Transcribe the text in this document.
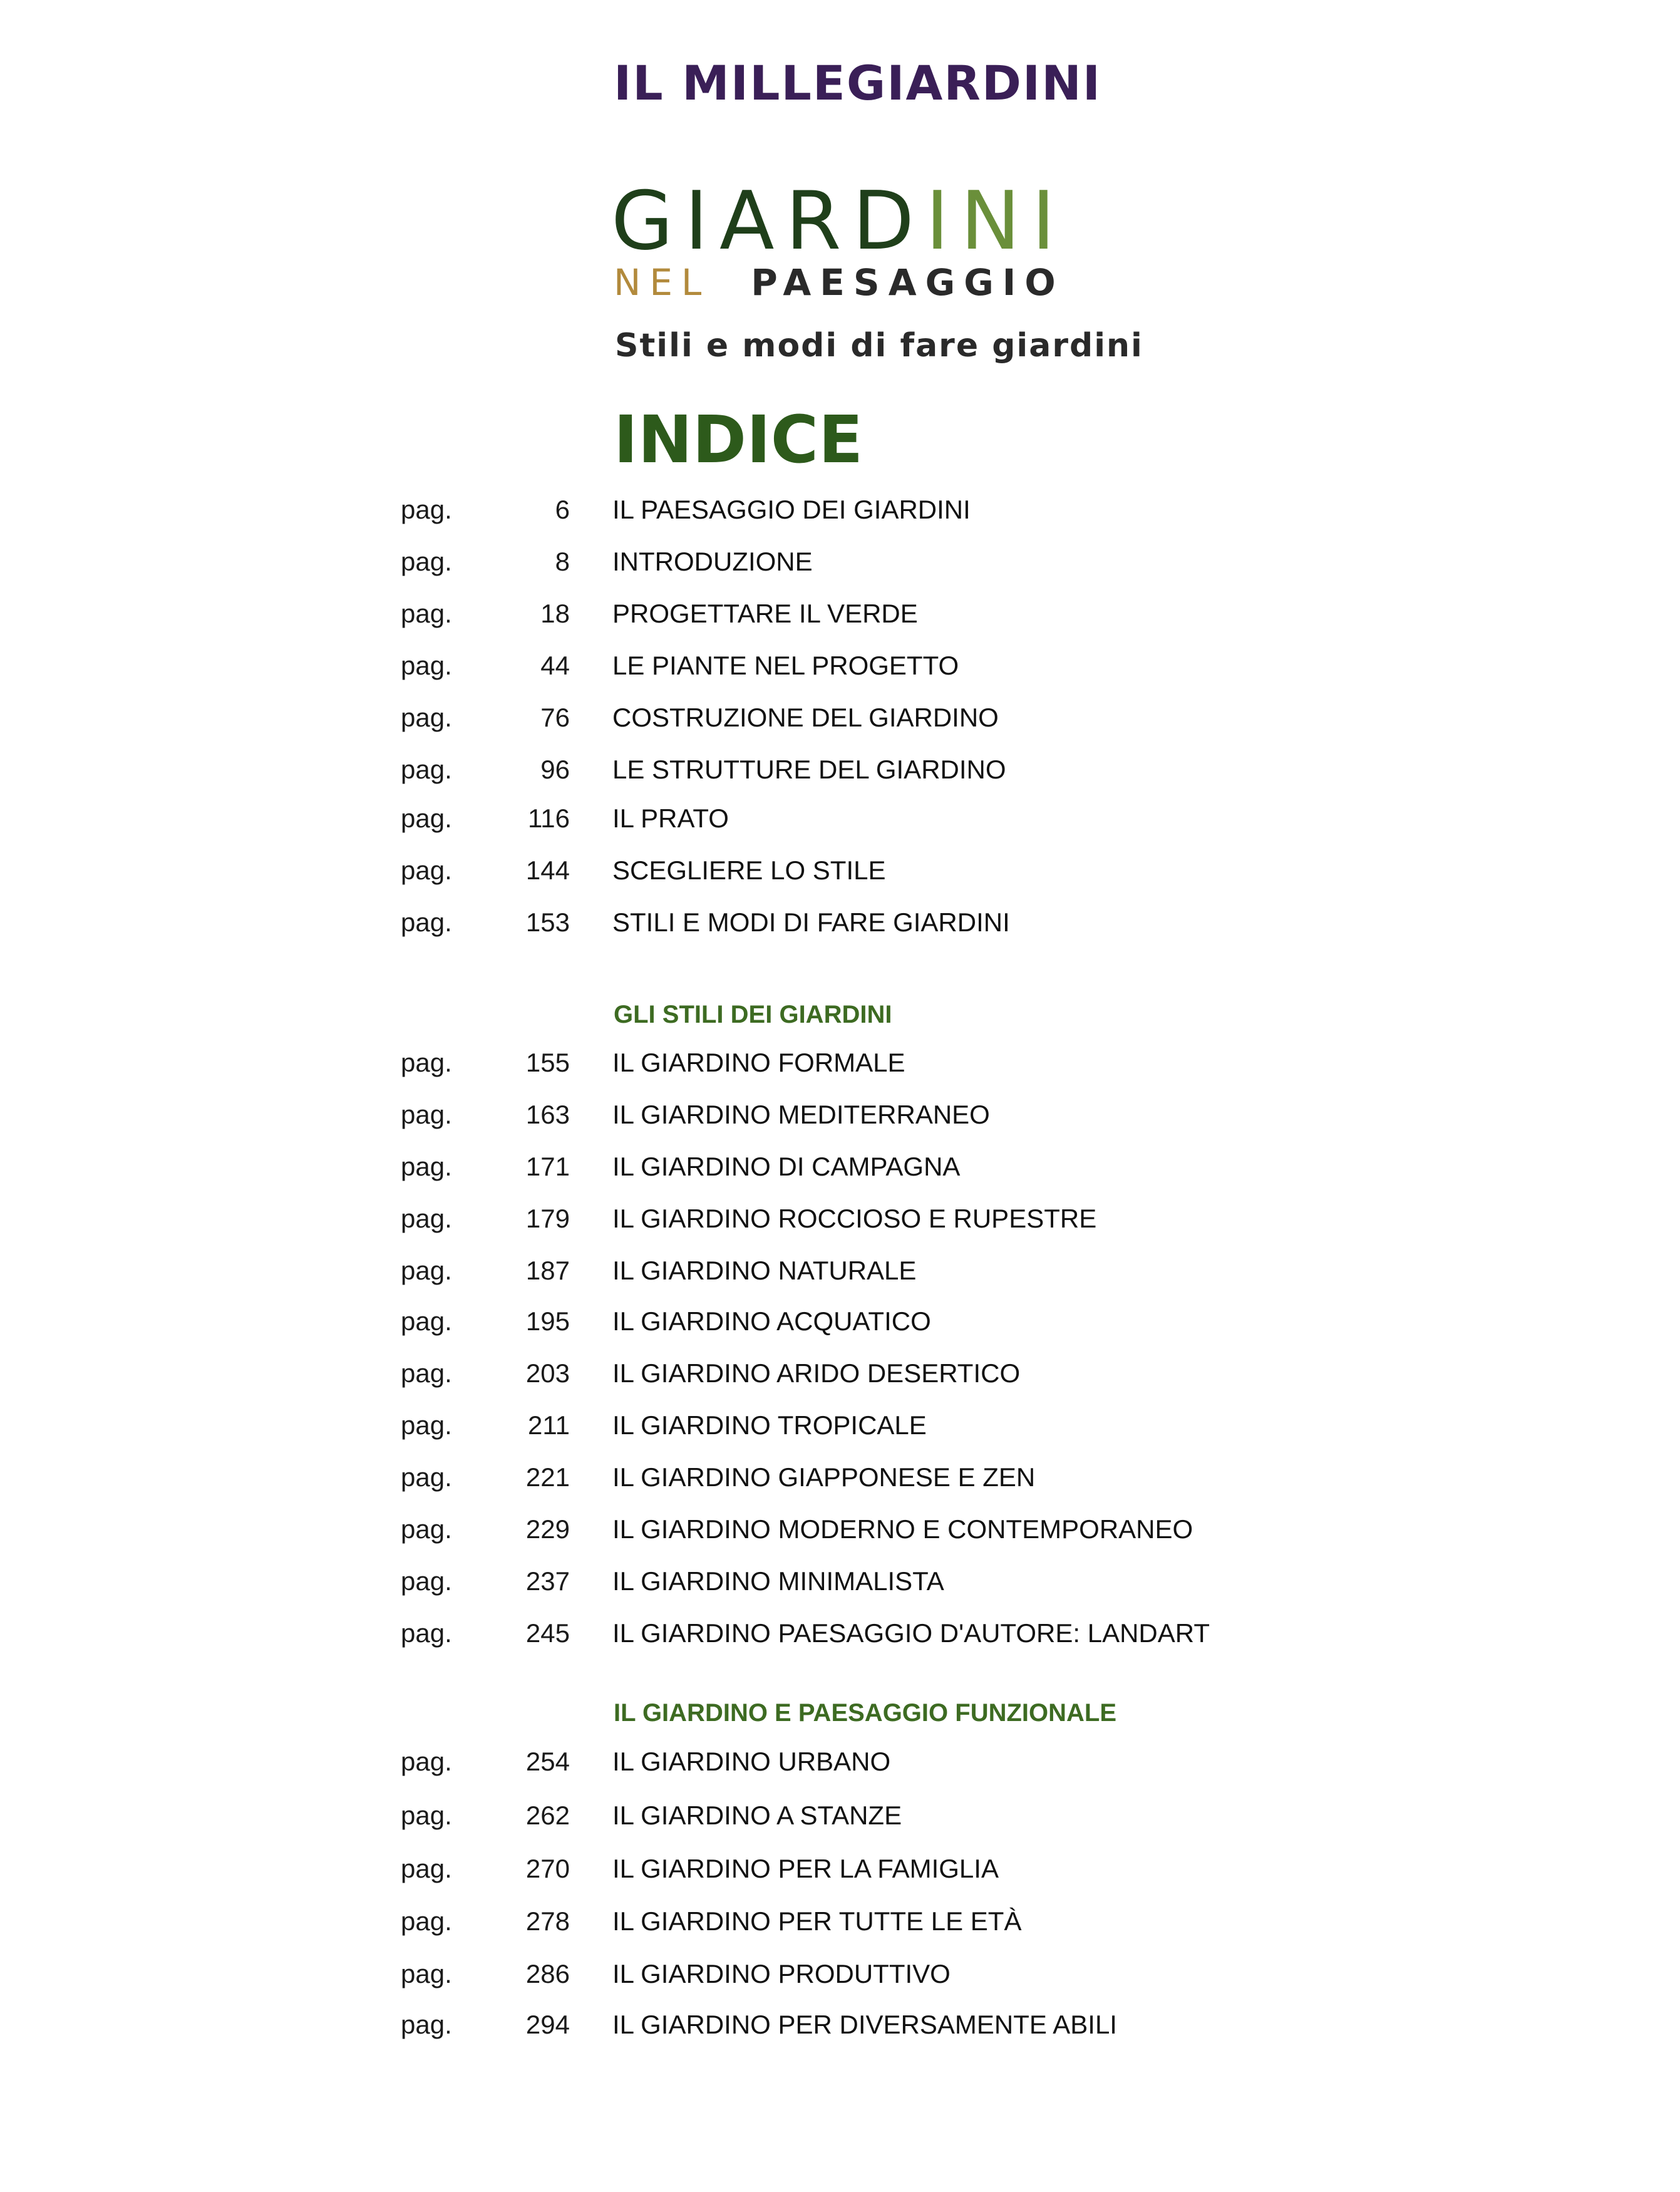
IL MILLEGIARDINI
GIARDINI
NEL PAESAGGIO
Stili e modi di fare giardini
INDICE
pag.	6 IL PAESAGGIO DEI GIARDINI
pag.	8 INTRODUZIONE
pag.	18 PROGETTARE IL VERDE
pag.	44 LE PIANTE NEL PROGETTO
pag.	76 COSTRUZIONE DEL GIARDINO
pag.	96 LE STRUTTURE DEL GIARDINO
pag.	116 IL PRATO
pag.	144 SCEGLIERE LO STILE
pag.	153 STILI E MODI DI FARE GIARDINI
GLI STILI DEI GIARDINI
pag.	155 IL GIARDINO FORMALE
pag.	163 IL GIARDINO MEDITERRANEO
pag.	171 IL GIARDINO DI CAMPAGNA
pag.	179 IL GIARDINO ROCCIOSO E RUPESTRE
pag.	187 IL GIARDINO NATURALE
pag.	195 IL GIARDINO ACQUATICO
pag.	203 IL GIARDINO ARIDO DESERTICO
pag.	211 IL GIARDINO TROPICALE
pag.	221 IL GIARDINO GIAPPONESE E ZEN
pag.	229 IL GIARDINO MODERNO E CONTEMPORANEO
pag.	237 IL GIARDINO MINIMALISTA
pag.	245 IL GIARDINO PAESAGGIO D'AUTORE: LANDART
IL GIARDINO E PAESAGGIO FUNZIONALE
pag.	254 IL GIARDINO URBANO
pag.	262 IL GIARDINO A STANZE
pag.	270 IL GIARDINO PER LA FAMIGLIA
pag.	278 IL GIARDINO PER TUTTE LE ETÀ
pag.	286 IL GIARDINO PRODUTTIVO
pag.	294 IL GIARDINO PER DIVERSAMENTE ABILI
